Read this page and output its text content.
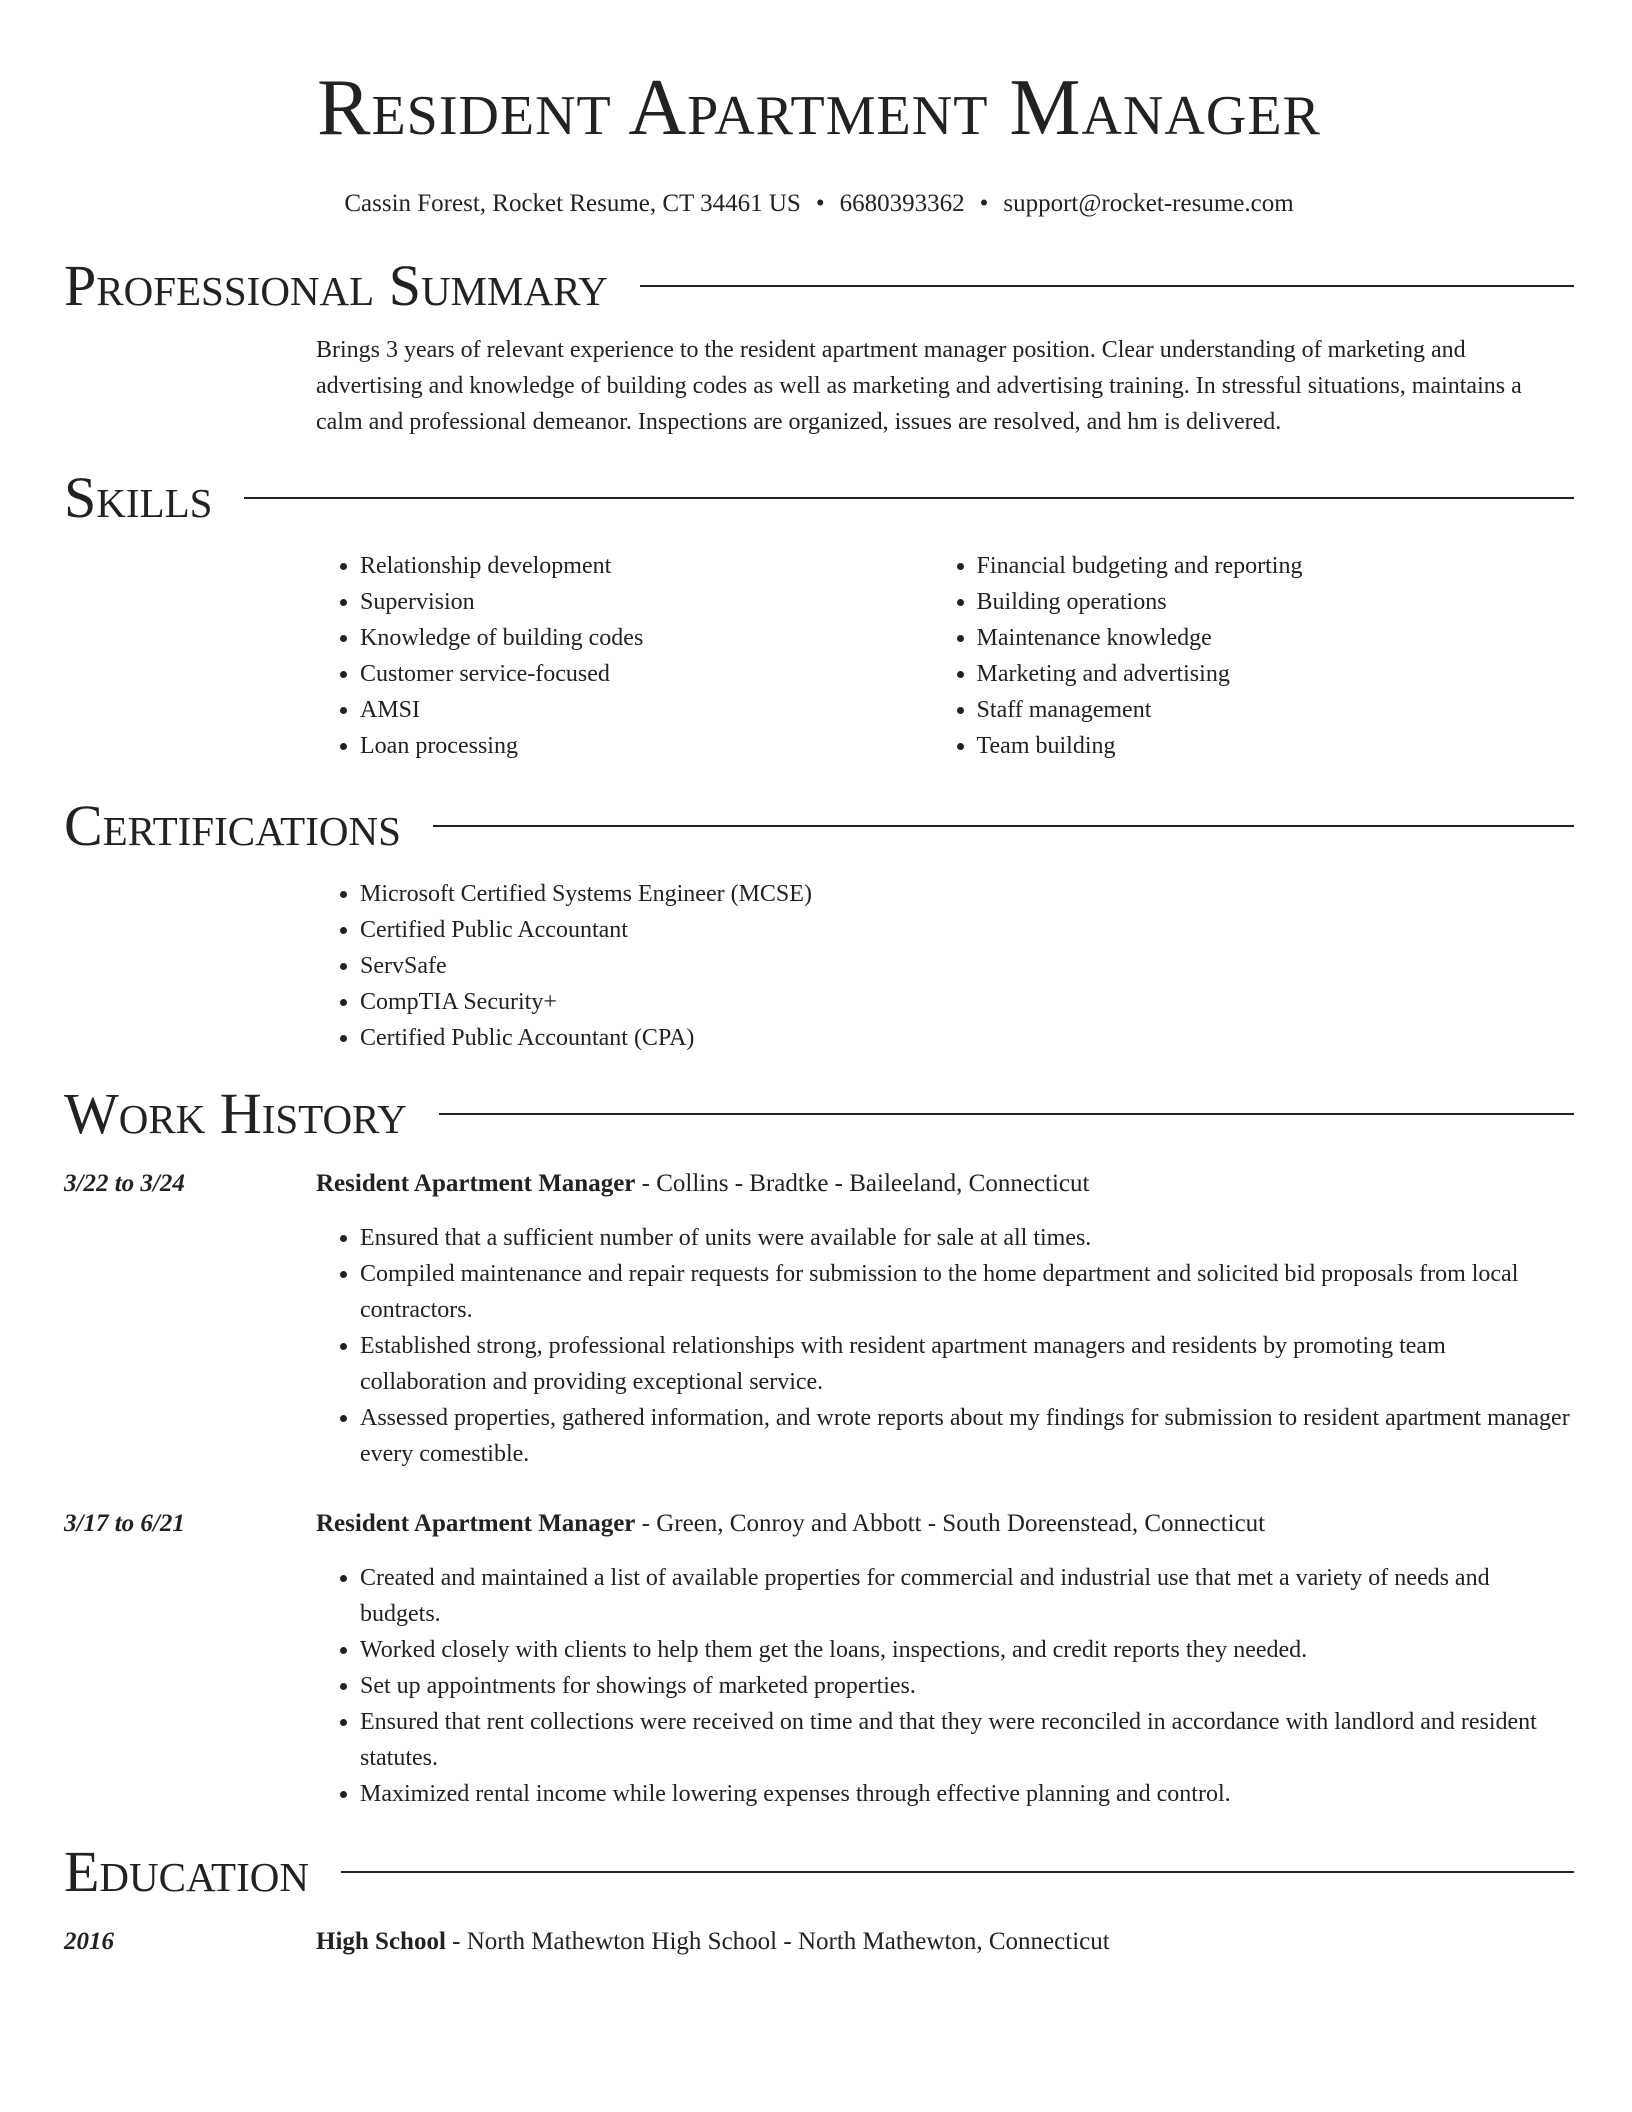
Resident Apartment Manager
Cassin Forest, Rocket Resume, CT 34461 US • 6680393362 • support@rocket-resume.com
Professional Summary
Brings 3 years of relevant experience to the resident apartment manager position. Clear understanding of marketing and advertising and knowledge of building codes as well as marketing and advertising training. In stressful situations, maintains a calm and professional demeanor. Inspections are organized, issues are resolved, and hm is delivered.
Skills
• Relationship development
• Supervision
• Knowledge of building codes
• Customer service-focused
• AMSI
• Loan processing
• Financial budgeting and reporting
• Building operations
• Maintenance knowledge
• Marketing and advertising
• Staff management
• Team building
Certifications
• Microsoft Certified Systems Engineer (MCSE)
• Certified Public Accountant
• ServSafe
• CompTIA Security+
• Certified Public Accountant (CPA)
Work History
3/22 to 3/24	Resident Apartment Manager - Collins - Bradtke - Baileeland, Connecticut
• Ensured that a sufficient number of units were available for sale at all times.
• Compiled maintenance and repair requests for submission to the home department and solicited bid proposals from local contractors.
• Established strong, professional relationships with resident apartment managers and residents by promoting team collaboration and providing exceptional service.
• Assessed properties, gathered information, and wrote reports about my findings for submission to resident apartment manager every comestible.
3/17 to 6/21	Resident Apartment Manager - Green, Conroy and Abbott - South Doreenstead, Connecticut
• Created and maintained a list of available properties for commercial and industrial use that met a variety of needs and budgets.
• Worked closely with clients to help them get the loans, inspections, and credit reports they needed.
• Set up appointments for showings of marketed properties.
• Ensured that rent collections were received on time and that they were reconciled in accordance with landlord and resident statutes.
• Maximized rental income while lowering expenses through effective planning and control.
Education
2016	High School - North Mathewton High School - North Mathewton, Connecticut
